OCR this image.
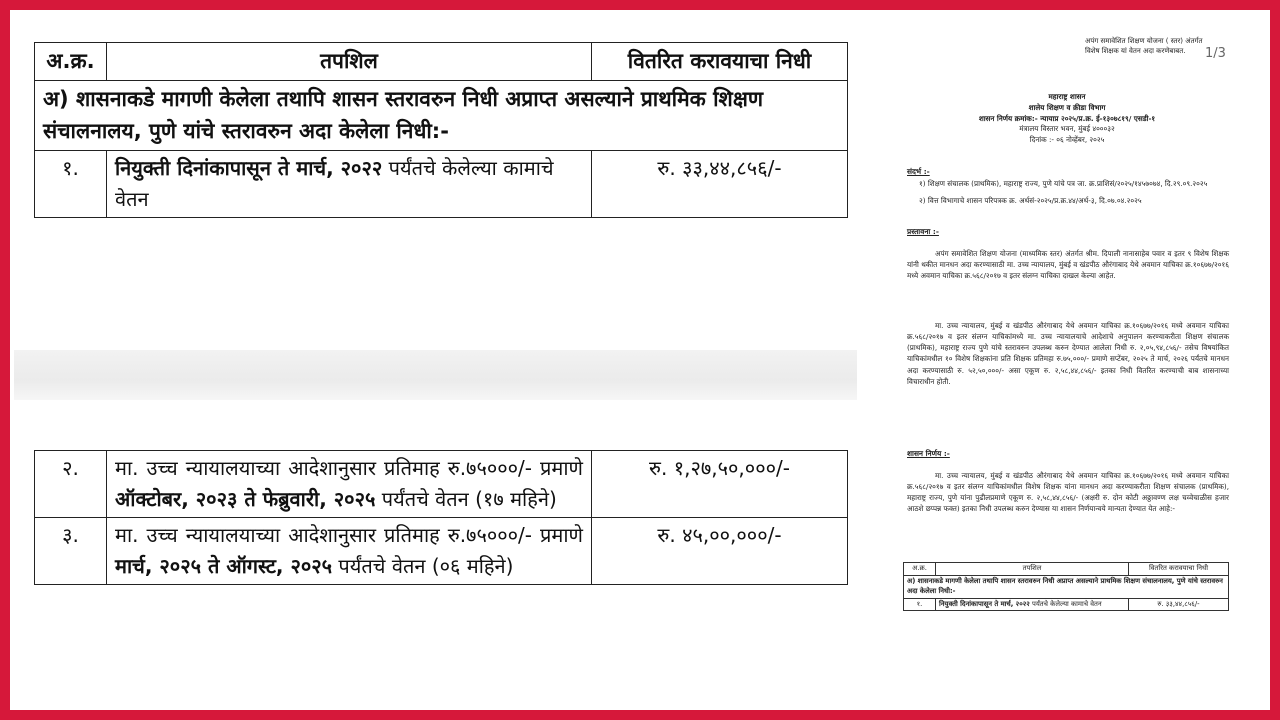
अ.क्र.	तपशिल	वितरित करावयाचा निधी
अ) शासनाकडे मागणी केलेला तथापि शासन स्तरावरुन निधी अप्राप्त असल्याने प्राथमिक शिक्षण संचालनालय, पुणे यांचे स्तरावरुन अदा केलेला निधी:-		
१.	नियुक्ती दिनांकापासून ते मार्च, २०२२ पर्यंतचे केलेल्या कामाचे वेतन	रु. ३३,४४,८५६/-
२.	मा. उच्च न्यायालयाच्या आदेशानुसार प्रतिमाह रु.७५०००/- प्रमाणे ऑक्टोबर, २०२३ ते फेब्रुवारी, २०२५ पर्यंतचे वेतन (१७ महिने)	रु. १,२७,५०,०००/-
३.	मा. उच्च न्यायालयाच्या आदेशानुसार प्रतिमाह रु.७५०००/- प्रमाणे मार्च, २०२५ ते ऑगस्ट, २०२५ पर्यंतचे वेतन (०६ महिने)	रु. ४५,००,०००/-
अपंग समावेशित शिक्षण योजना ( स्तर) अंतर्गत विशेष शिक्षक यां वेतन अदा करणेबाबत.	1/3
महाराष्ट्र शासन
शालेय शिक्षण व क्रीडा विभाग
शासन निर्णय क्रमांक:- न्यायाप्र २०२५/प्र.क्र. ई-१३०७८१९/ एसडी-१
मंत्रालय विस्तार भवन, मुंबई ४०००३२
दिनांक :- ०६ नोव्हेंबर, २०२५
संदर्भ :-
१) शिक्षण संचालक (प्राथमिक), महाराष्ट्र राज्य, पुणे यांचे पत्र जा. क्र.प्राशिसं/२०२५/१४५७०७४, दि.२९.०९.२०२५
२) वित्त विभागाचे शासन परिपत्रक क्र. अर्थसं-२०२५/प्र.क्र.४४/अर्थ-३, दि.०७.०४.२०२५
प्रस्तावना :-
अपंग समावेशित शिक्षण योजना (माध्यमिक स्तर) अंतर्गत श्रीम. दिपाली नानासाहेब पवार व इतर ९ विशेष शिक्षक यांनी थकीत मानधन अदा करण्यासाठी मा. उच्च न्यायालय, मुंबई व खंडपीठ औरंगाबाद येथे अवमान याचिका क्र.१०६७७/२०१६ मध्ये अवमान याचिका क्र.५६८/२०१७ व इतर संलग्न याचिका दाखल केल्या आहेत.
मा. उच्च न्यायालय, मुंबई व खंडपीठ औरंगाबाद येथे अवमान याचिका क्र.१०६७७/२०१६ मध्ये अवमान याचिका क्र.५६८/२०१७ व इतर संलग्न याचिकांमध्ये मा. उच्च न्यायालयाचे आदेशाचे अनुपालन करण्याकरीता शिक्षण संचालक (प्राथमिक), महाराष्ट्र राज्य पुणे यांचे स्तरावरुन उपलब्ध करुन देण्यात आलेला निधी रु. २,०५,९४,८५६/- तसेच विषयांकित याचिकांमधील १० विशेष शिक्षकांना प्रति शिक्षक प्रतिमहा रु.७५,०००/- प्रमाणे सप्टेंबर, २०२५ ते मार्च, २०२६ पर्यंतचे मानधन अदा करण्यासाठी रु. ५२,५०,०००/- असा एकूण रु. २,५८,४४,८५६/- इतका निधी वितरित करण्याची बाब शासनाच्या विचाराधीन होती.
शासन निर्णय :-
मा. उच्च न्यायालय, मुंबई व खंडपीठ औरंगाबाद येथे अवमान याचिका क्र.१०६७७/२०१६ मध्ये अवमान याचिका क्र.५६८/२०१७ व इतर संलग्न याचिकांमधील विशेष शिक्षक यांना मानधन अदा करण्याकरीता शिक्षण संचालक (प्राथमिक), महाराष्ट्र राज्य, पुणे यांना पुढीलप्रमाणे एकूण रु. २,५८,४४,८५६/- (अक्षरी रु. दोन कोटी अठ्ठावण्ण लक्ष चव्वेचाळीस हजार आठशे छप्पन्न फक्त) इतका निधी उपलब्ध करुन देण्यास या शासन निर्णयान्वये मान्यता देण्यात येत आहे:-
अ.क्र.	तपशिल	वितरित करावयाचा निधी
अ) शासनाकडे मागणी केलेला तथापि शासन स्तरावरुन निधी अप्राप्त असल्याने प्राथमिक शिक्षण संचालनालय, पुणे यांचे स्तरावरुन अदा केलेला निधी:-		
१.	नियुक्ती दिनांकापासून ते मार्च, २०२२ पर्यंतचे केलेल्या कामाचे वेतन	रु. ३३,४४,८५६/-
